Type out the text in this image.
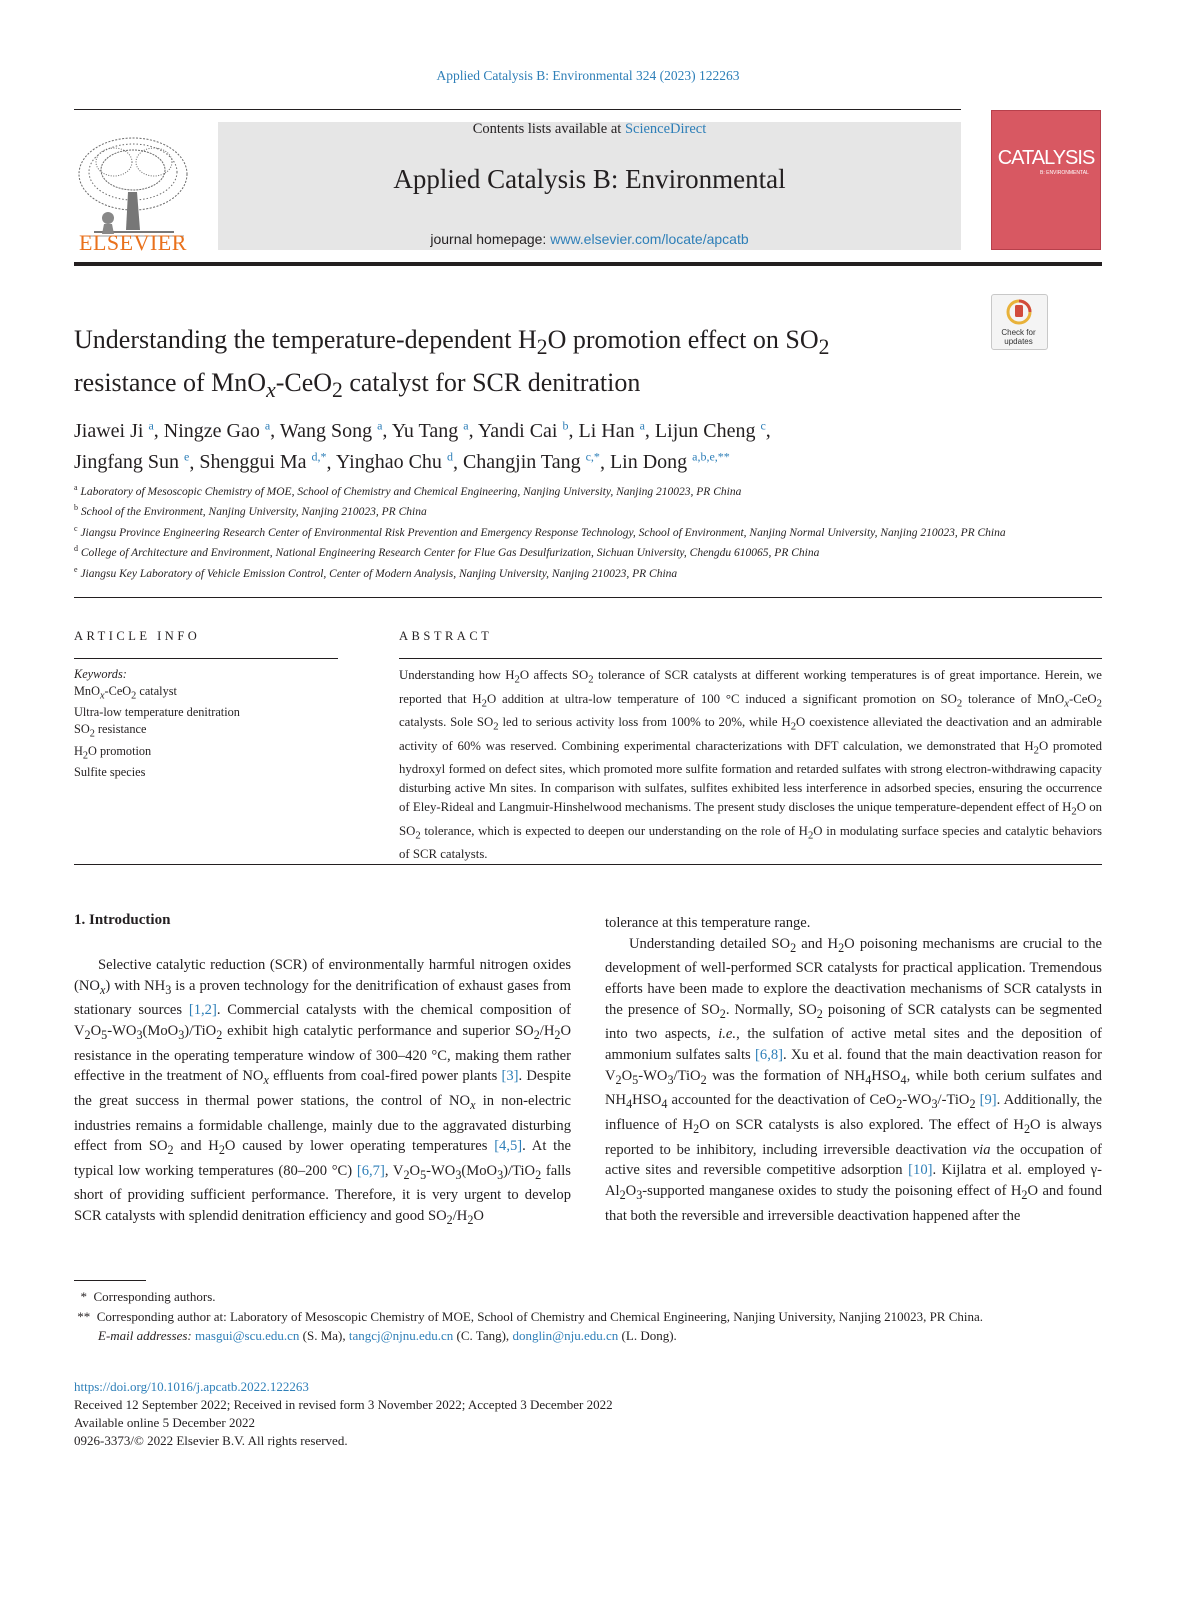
Applied Catalysis B: Environmental 324 (2023) 122263
ELSEVIER
Contents lists available at ScienceDirect
Applied Catalysis B: Environmental
journal homepage: www.elsevier.com/locate/apcatb
CATALYSIS
B: ENVIRONMENTAL
Check for updates
Understanding the temperature-dependent $H_2O$ promotion effect on $SO_2$
resistance of MnO$_x$-CeO$_2$ catalyst for SCR denitration
Jiawei Ji $^a$, Ningze Gao $^a$, Wang Song $^a$, Yu Tang $^a$, Yandi Cai $^b$, Li Han $^a$, Lijun Cheng $^c$,
Jingfang Sun $^e$, Shenggui Ma $^{d,*}$, Yinghao Chu $^d$, Changjin Tang $^{c,*}$, Lin Dong $^{a,b,e,**}$
$^a$ Laboratory of Mesoscopic Chemistry of MOE, School of Chemistry and Chemical Engineering, Nanjing University, Nanjing 210023, PR China
$^b$ School of the Environment, Nanjing University, Nanjing 210023, PR China
$^c$ Jiangsu Province Engineering Research Center of Environmental Risk Prevention and Emergency Response Technology, School of Environment, Nanjing Normal University, Nanjing 210023, PR China
$^d$ College of Architecture and Environment, National Engineering Research Center for Flue Gas Desulfurization, Sichuan University, Chengdu 610065, PR China
$^e$ Jiangsu Key Laboratory of Vehicle Emission Control, Center of Modern Analysis, Nanjing University, Nanjing 210023, PR China
ARTICLE INFO	ABSTRACT
Keywords:
MnO$_x$-CeO$_2$ catalyst
Ultra-low temperature denitration
$SO_2$ resistance
$H_2O$ promotion
Sulfite species
Understanding how $H_2O$ affects $SO_2$ tolerance of SCR catalysts at different working temperatures is of great importance. Herein, we reported that $H_2O$ addition at ultra-low temperature of 100 °C induced a significant promotion on $SO_2$ tolerance of MnO$_x$-CeO$_2$ catalysts. Sole $SO_2$ led to serious activity loss from 100% to 20%, while $H_2O$ coexistence alleviated the deactivation and an admirable activity of 60% was reserved. Combining experimental characterizations with DFT calculation, we demonstrated that $H_2O$ promoted hydroxyl formed on defect sites, which promoted more sulfite formation and retarded sulfates with strong electron-withdrawing capacity disturbing active Mn sites. In comparison with sulfates, sulfites exhibited less interference in adsorbed species, ensuring the occurrence of Eley-Rideal and Langmuir-Hinshelwood mechanisms. The present study discloses the unique temperature-dependent effect of $H_2O$ on $SO_2$ tolerance, which is expected to deepen our understanding on the role of $H_2O$ in modulating surface species and catalytic behaviors of SCR catalysts.
1. Introduction

Selective catalytic reduction (SCR) of environmentally harmful nitrogen oxides $(NO_x)$ with $NH_3$ is a proven technology for the denitrification of exhaust gases from stationary sources [1,2]. Commercial catalysts with the chemical composition of $V_2O_5-WO_3(MoO_3)/TiO_2$ exhibit high catalytic performance and superior $SO_2/H_2O$ resistance in the operating temperature window of 300–420 °C, making them rather effective in the treatment of $NO_x$ effluents from coal-fired power plants [3]. Despite the great success in thermal power stations, the control of $NO_x$ in non-electric industries remains a formidable challenge, mainly due to the aggravated disturbing effect from $SO_2$ and $H_2O$ caused by lower operating temperatures [4,5]. At the typical low working temperatures (80–200 °C) [6,7], $V_2O_5-WO_3(MoO_3)/TiO_2$ falls short of providing sufficient performance. Therefore, it is very urgent to develop SCR catalysts with splendid denitration efficiency and good $SO_2/H_2O$

tolerance at this temperature range.

Understanding detailed $SO_2$ and $H_2O$ poisoning mechanisms are crucial to the development of well-performed SCR catalysts for practical application. Tremendous efforts have been made to explore the deactivation mechanisms of SCR catalysts in the presence of $SO_2$. Normally, $SO_2$ poisoning of SCR catalysts can be segmented into two aspects, i.e., the sulfation of active metal sites and the deposition of ammonium sulfates salts [6,8]. Xu et al. found that the main deactivation reason for $V_2O_5-WO_3/TiO_2$ was the formation of $NH_4HSO_4$, while both cerium sulfates and $NH_4HSO_4$ accounted for the deactivation of $CeO_2-WO_3/-TiO_2$ [9]. Additionally, the influence of $H_2O$ on SCR catalysts is also explored. The effect of $H_2O$ is always reported to be inhibitory, including irreversible deactivation via the occupation of active sites and reversible competitive adsorption [10]. Kijlatra et al. employed $\gamma-Al_2O_3$-supported manganese oxides to study the poisoning effect of $H_2O$ and found that both the reversible and irreversible deactivation happened after the

* Corresponding authors.
** Corresponding author at: Laboratory of Mesoscopic Chemistry of MOE, School of Chemistry and Chemical Engineering, Nanjing University, Nanjing 210023, PR China.
E-mail addresses: masgui@scu.edu.cn (S. Ma), tangcj@njnu.edu.cn (C. Tang), donglin@nju.edu.cn (L. Dong).
https://doi.org/10.1016/j.apcatb.2022.122263
Received 12 September 2022; Received in revised form 3 November 2022; Accepted 3 December 2022
Available online 5 December 2022
0926-3373/© 2022 Elsevier B.V. All rights reserved.
